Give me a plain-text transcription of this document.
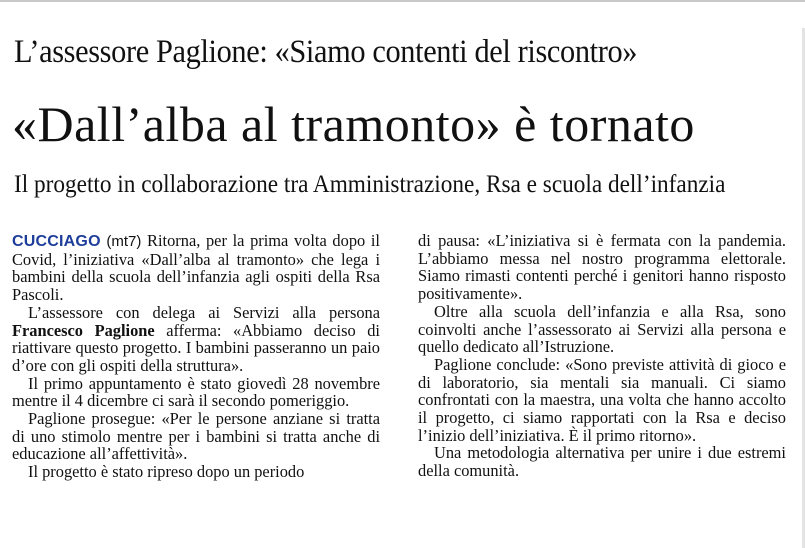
L’assessore Paglione: «Siamo contenti del riscontro»
«Dall’alba al tramonto» è tornato
Il progetto in collaborazione tra Amministrazione, Rsa e scuola dell’infanzia

CUCCIAGO (mt7) Ritorna, per la prima volta dopo il Covid, l’iniziativa «Dall’alba al tramonto» che lega i bambini della scuola dell’infanzia agli ospiti della Rsa Pascoli.

L’assessore con delega ai Servizi alla persona Francesco Paglione afferma: «Abbiamo deciso di riattivare questo progetto. I bambini passeranno un paio d’ore con gli ospiti della struttura».

Il primo appuntamento è stato giovedì 28 novembre mentre il 4 dicembre ci sarà il secondo pomeriggio.

Paglione prosegue: «Per le persone anziane si tratta di uno stimolo mentre per i bambini si tratta anche di educazione all’affettività».

Il progetto è stato ripreso dopo un periodo

di pausa: «L’iniziativa si è fermata con la pandemia. L’abbiamo messa nel nostro programma elettorale. Siamo rimasti contenti perché i genitori hanno risposto positivamente».

Oltre alla scuola dell’infanzia e alla Rsa, sono coinvolti anche l’assessorato ai Servizi alla persona e quello dedicato all’Istruzione.

Paglione conclude: «Sono previste attività di gioco e di laboratorio, sia mentali sia manuali. Ci siamo confrontati con la maestra, una volta che hanno accolto il progetto, ci siamo rapportati con la Rsa e deciso l’inizio dell’iniziativa. È il primo ritorno».

Una metodologia alternativa per unire i due estremi della comunità.
